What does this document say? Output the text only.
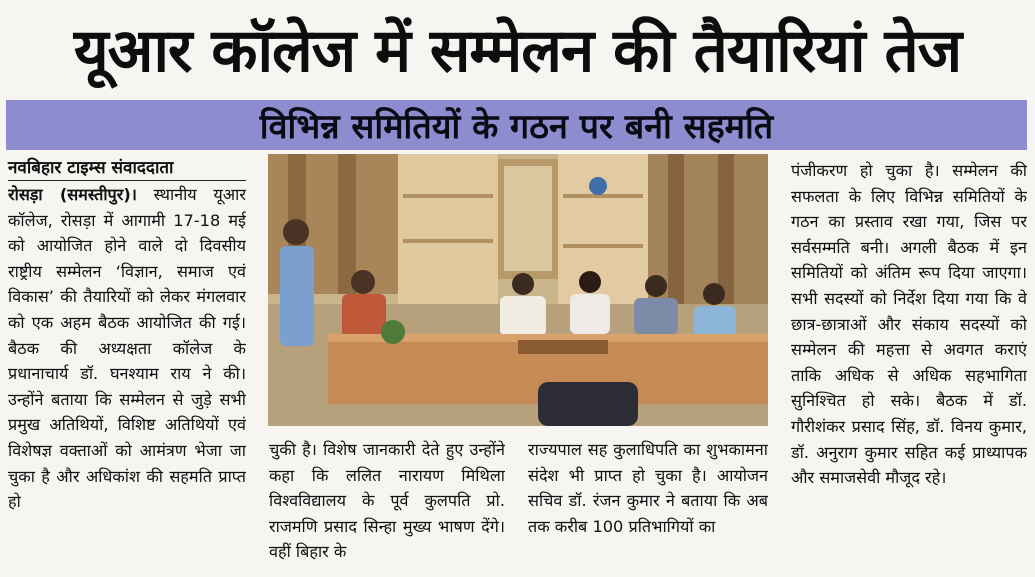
यूआर कॉलेज में सम्मेलन की तैयारियां तेज
विभिन्न समितियों के गठन पर बनी सहमति
नवबिहार टाइम्स संवाददाता
रोसड़ा (समस्तीपुर)। स्थानीय यूआर कॉलेज, रोसड़ा में आगामी 17-18 मई को आयोजित होने वाले दो दिवसीय राष्ट्रीय सम्मेलन ‘विज्ञान, समाज एवं विकास’ की तैयारियों को लेकर मंगलवार को एक अहम बैठक आयोजित की गई। बैठक की अध्यक्षता कॉलेज के प्रधानाचार्य डॉ. घनश्याम राय ने की। उन्होंने बताया कि सम्मेलन से जुड़े सभी प्रमुख अतिथियों, विशिष्ट अतिथियों एवं विशेषज्ञ वक्ताओं को आमंत्रण भेजा जा चुका है और अधिकांश की सहमति प्राप्त हो
चुकी है। विशेष जानकारी देते हुए उन्होंने कहा कि ललित नारायण मिथिला विश्वविद्यालय के पूर्व कुलपति प्रो. राजमणि प्रसाद सिन्हा मुख्य भाषण देंगे। वहीं बिहार के
राज्यपाल सह कुलाधिपति का शुभकामना संदेश भी प्राप्त हो चुका है। आयोजन सचिव डॉ. रंजन कुमार ने बताया कि अब तक करीब 100 प्रतिभागियों का
पंजीकरण हो चुका है। सम्मेलन की सफलता के लिए विभिन्न समितियों के गठन का प्रस्ताव रखा गया, जिस पर सर्वसम्मति बनी। अगली बैठक में इन समितियों को अंतिम रूप दिया जाएगा। सभी सदस्यों को निर्देश दिया गया कि वे छात्र-छात्राओं और संकाय सदस्यों को सम्मेलन की महत्ता से अवगत कराएं ताकि अधिक से अधिक सहभागिता सुनिश्चित हो सके। बैठक में डॉ. गौरीशंकर प्रसाद सिंह, डॉ. विनय कुमार, डॉ. अनुराग कुमार सहित कई प्राध्यापक और समाजसेवी मौजूद रहे।
